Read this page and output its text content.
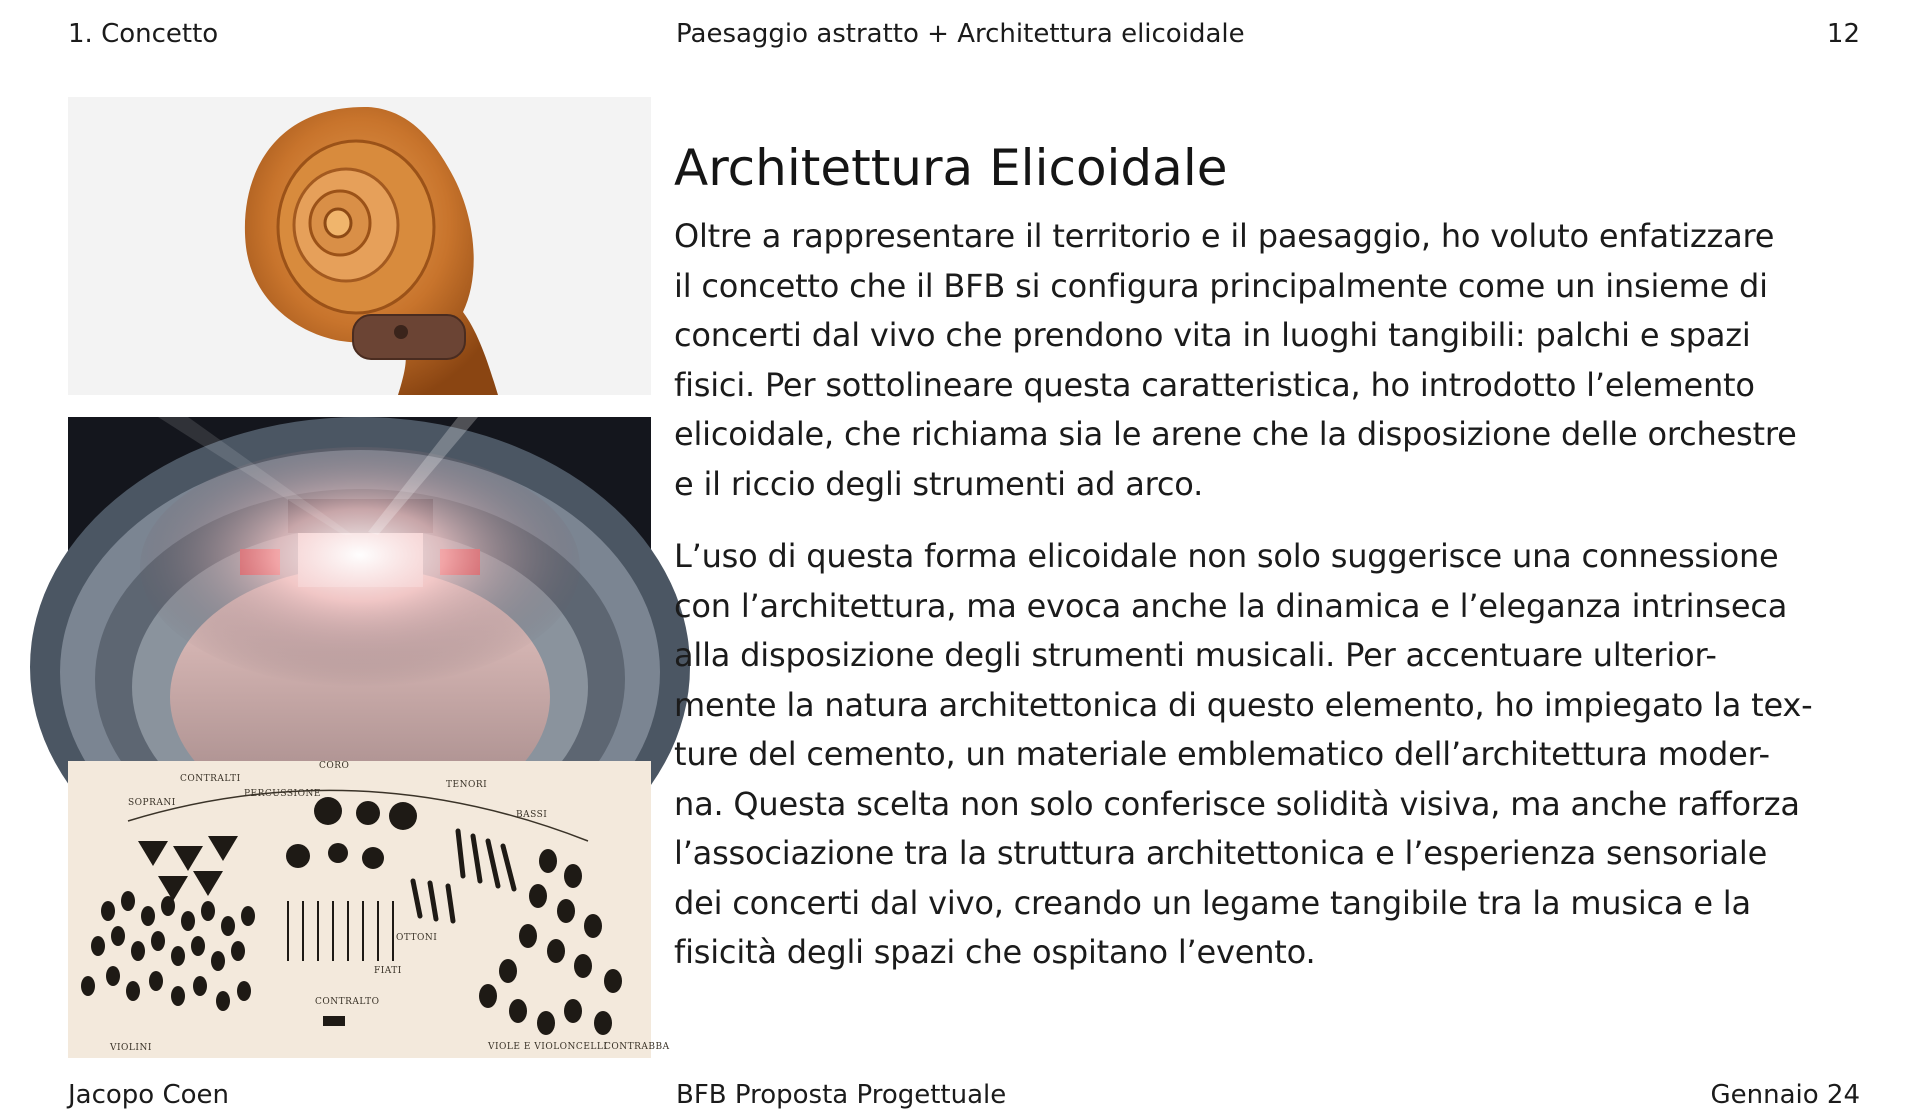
1. Concetto	Paesaggio astratto + Architettura elicoidale	12
CORO
CONTRALTI
TENORI
SOPRANI
PERCUSSIONE
BASSI
OTTONI
FIATI
CONTRALTO
VIOLINI	VIOLE E VIOLONCELLI
CONTRABBA
Architettura Elicoidale

Oltre a rappresentare il territorio e il paesaggio, ho voluto enfatizzare
il concetto che il BFB si configura principalmente come un insieme di
concerti dal vivo che prendono vita in luoghi tangibili: palchi e spazi
fisici. Per sottolineare questa caratteristica, ho introdotto l’elemento
elicoidale, che richiama sia le arene che la disposizione delle orchestre
e il riccio degli strumenti ad arco.

L’uso di questa forma elicoidale non solo suggerisce una connessione
con l’architettura, ma evoca anche la dinamica e l’eleganza intrinseca
alla disposizione degli strumenti musicali. Per accentuare ulterior-
mente la natura architettonica di questo elemento, ho impiegato la tex-
ture del cemento, un materiale emblematico dell’architettura moder-
na. Questa scelta non solo conferisce solidità visiva, ma anche rafforza
l’associazione tra la struttura architettonica e l’esperienza sensoriale
dei concerti dal vivo, creando un legame tangibile tra la musica e la
fisicità degli spazi che ospitano l’evento.

Jacopo Coen	BFB Proposta Progettuale	Gennaio 24
